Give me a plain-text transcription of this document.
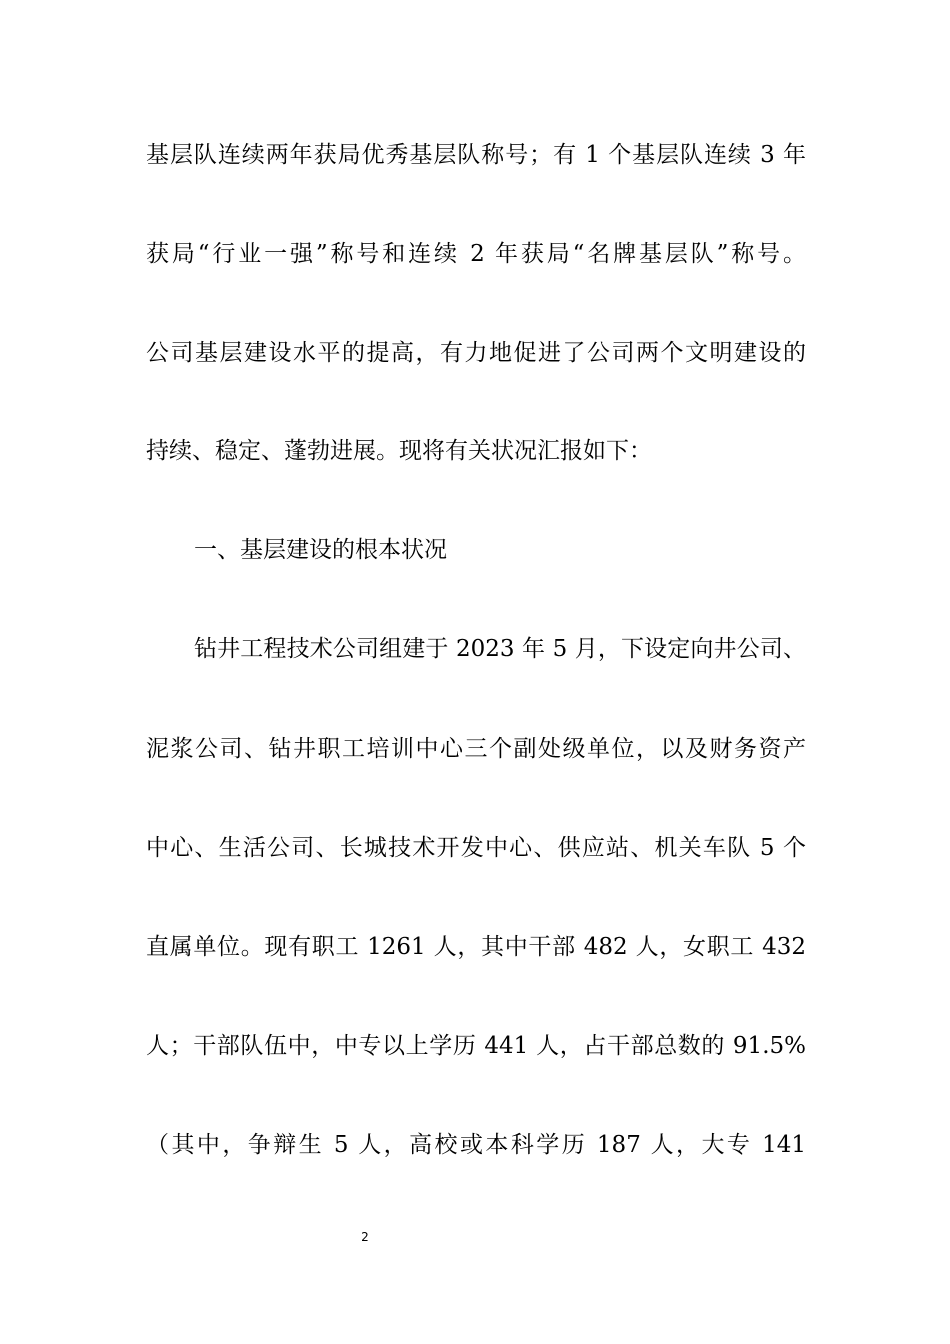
基层队连续两年获局优秀基层队称号；有 1 个基层队连续 3 年
获局“行业一强”称号和连续 2 年获局“名牌基层队”称号。
公司基层建设水平的提高，有力地促进了公司两个文明建设的
持续、稳定、蓬勃进展。现将有关状况汇报如下：
一、基层建设的根本状况
钻井工程技术公司组建于 2023 年 5 月，下设定向井公司、
泥浆公司、钻井职工培训中心三个副处级单位，以及财务资产
中心、生活公司、长城技术开发中心、供应站、机关车队 5 个
直属单位。现有职工 1261 人，其中干部 482 人，女职工 432
人；干部队伍中，中专以上学历 441 人，占干部总数的 91.5%
（其中，争辩生 5 人，高校或本科学历 187 人，大专 141
2
